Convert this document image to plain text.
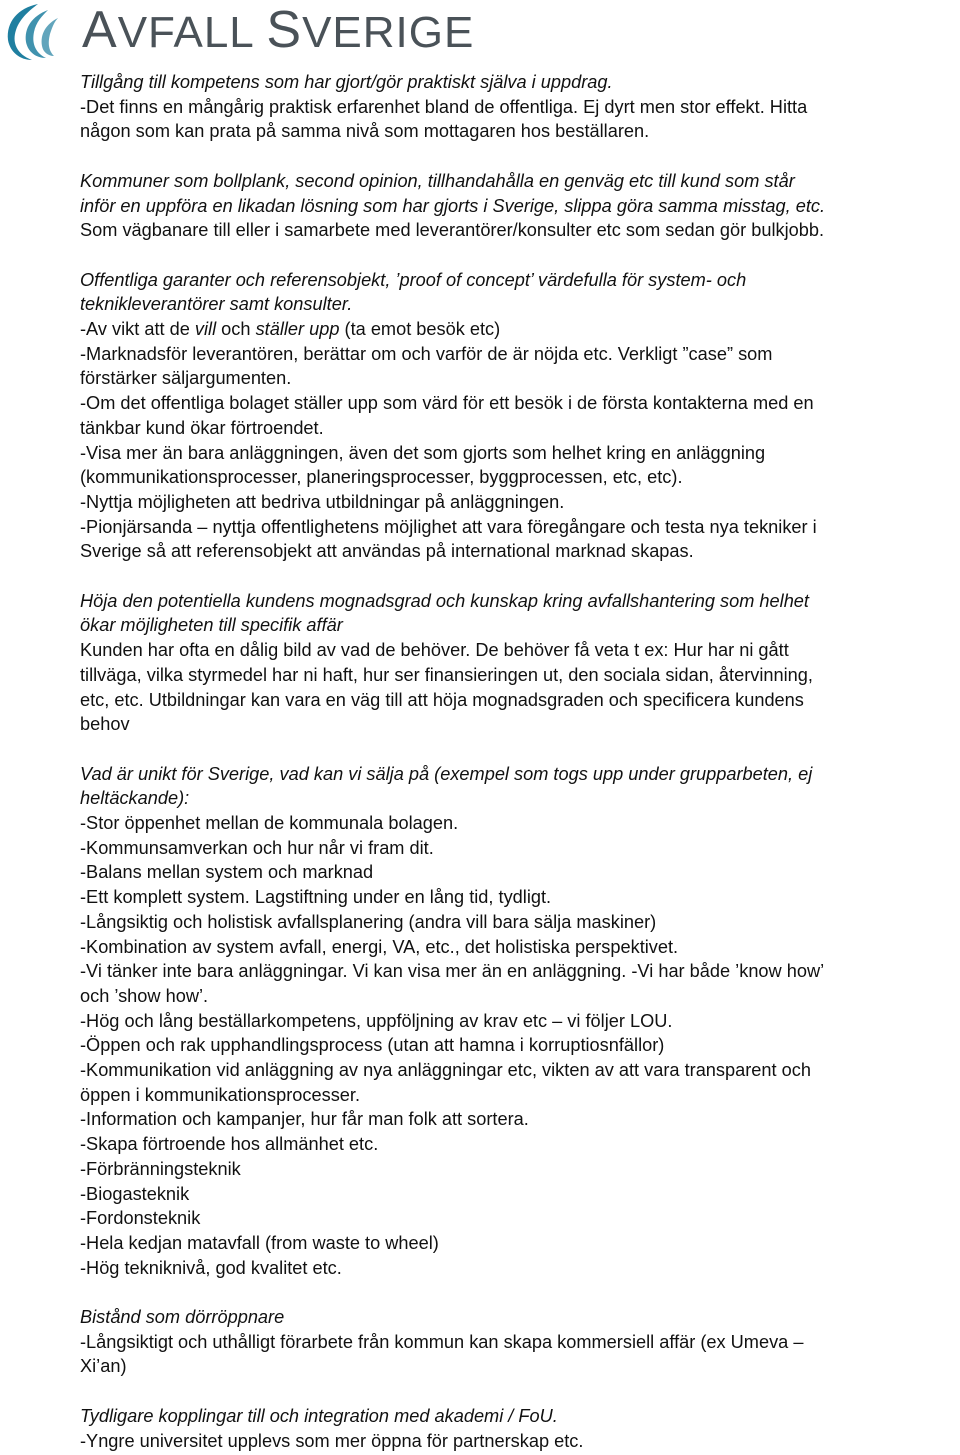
AVFALL SVERIGE

Tillgång till kompetens som har gjort/gör praktiskt själva i uppdrag.
-Det finns en mångårig praktisk erfarenhet bland de offentliga. Ej dyrt men stor effekt. Hitta
någon som kan prata på samma nivå som mottagaren hos beställaren.

Kommuner som bollplank, second opinion, tillhandahålla en genväg etc till kund som står
inför en uppföra en likadan lösning som har gjorts i Sverige, slippa göra samma misstag, etc.
Som vägbanare till eller i samarbete med leverantörer/konsulter etc som sedan gör bulkjobb.

Offentliga garanter och referensobjekt, ’proof of concept’ värdefulla för system- och
teknikleverantörer samt konsulter.
-Av vikt att de vill och ställer upp (ta emot besök etc)
-Marknadsför leverantören, berättar om och varför de är nöjda etc. Verkligt ”case” som
förstärker säljargumenten.
-Om det offentliga bolaget ställer upp som värd för ett besök i de första kontakterna med en
tänkbar kund ökar förtroendet.
-Visa mer än bara anläggningen, även det som gjorts som helhet kring en anläggning
(kommunikationsprocesser, planeringsprocesser, byggprocessen, etc, etc).
-Nyttja möjligheten att bedriva utbildningar på anläggningen.
-Pionjärsanda – nyttja offentlighetens möjlighet att vara föregångare och testa nya tekniker i
Sverige så att referensobjekt att användas på international marknad skapas.

Höja den potentiella kundens mognadsgrad och kunskap kring avfallshantering som helhet
ökar möjligheten till specifik affär
Kunden har ofta en dålig bild av vad de behöver. De behöver få veta t ex: Hur har ni gått
tillväga, vilka styrmedel har ni haft, hur ser finansieringen ut, den sociala sidan, återvinning,
etc, etc. Utbildningar kan vara en väg till att höja mognadsgraden och specificera kundens
behov

Vad är unikt för Sverige, vad kan vi sälja på (exempel som togs upp under grupparbeten, ej
heltäckande):
-Stor öppenhet mellan de kommunala bolagen.
-Kommunsamverkan och hur når vi fram dit.
-Balans mellan system och marknad
-Ett komplett system. Lagstiftning under en lång tid, tydligt.
-Långsiktig och holistisk avfallsplanering (andra vill bara sälja maskiner)
-Kombination av system avfall, energi, VA, etc., det holistiska perspektivet.
-Vi tänker inte bara anläggningar. Vi kan visa mer än en anläggning. -Vi har både ’know how’
och ’show how’.
-Hög och lång beställarkompetens, uppföljning av krav etc – vi följer LOU.
-Öppen och rak upphandlingsprocess (utan att hamna i korruptiosnfällor)
-Kommunikation vid anläggning av nya anläggningar etc, vikten av att vara transparent och
öppen i kommunikationsprocesser.
-Information och kampanjer, hur får man folk att sortera.
-Skapa förtroende hos allmänhet etc.
-Förbränningsteknik
-Biogasteknik
-Fordonsteknik
-Hela kedjan matavfall (from waste to wheel)
-Hög tekniknivå, god kvalitet etc.

Bistånd som dörröppnare
-Långsiktigt och uthålligt förarbete från kommun kan skapa kommersiell affär (ex Umeva –
Xi’an)

Tydligare kopplingar till och integration med akademi / FoU.
-Yngre universitet upplevs som mer öppna för partnerskap etc.
